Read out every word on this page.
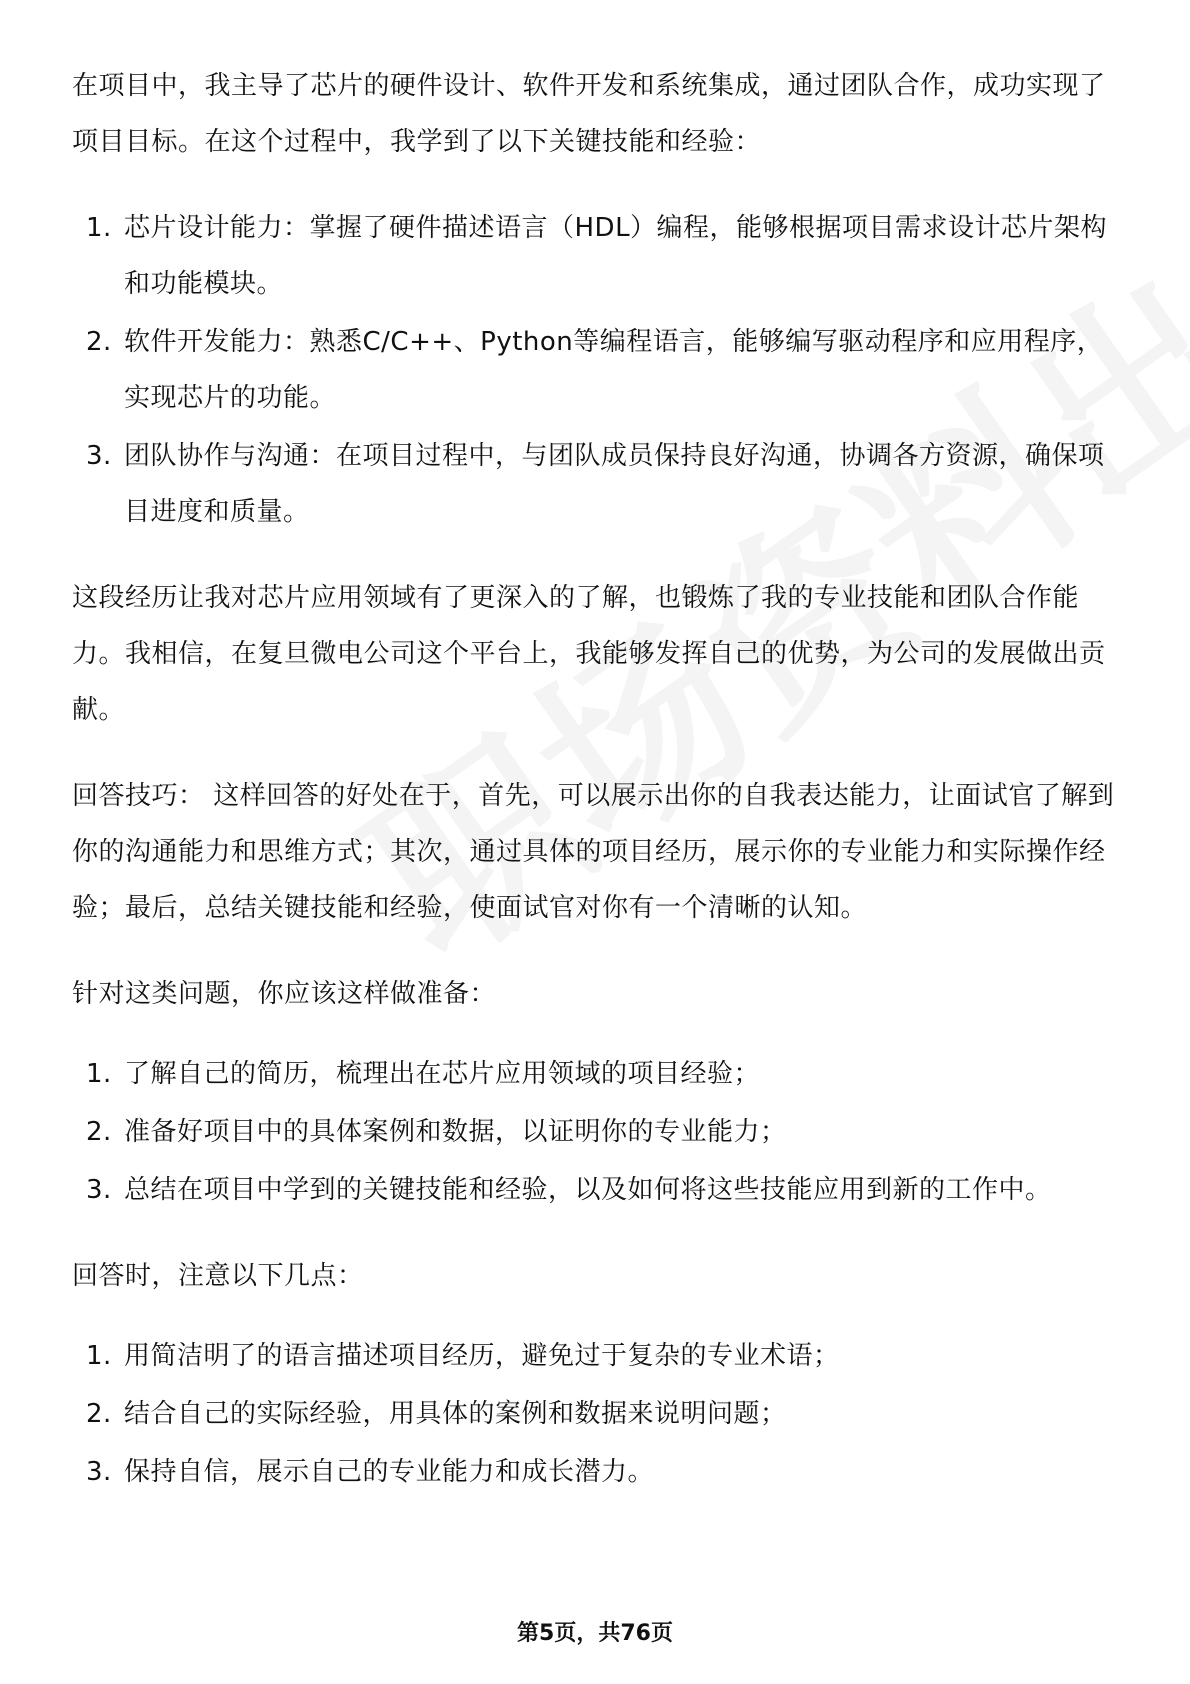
在项目中，我主导了芯片的硬件设计、软件开发和系统集成，通过团队合作，成功实现了项目目标。在这个过程中，我学到了以下关键技能和经验：

1. 芯片设计能力：掌握了硬件描述语言（HDL）编程，能够根据项目需求设计芯片架构和功能模块。
2. 软件开发能力：熟悉C/C++、Python等编程语言，能够编写驱动程序和应用程序，实现芯片的功能。
3. 团队协作与沟通：在项目过程中，与团队成员保持良好沟通，协调各方资源，确保项目进度和质量。

这段经历让我对芯片应用领域有了更深入的了解，也锻炼了我的专业技能和团队合作能力。我相信，在复旦微电公司这个平台上，我能够发挥自己的优势，为公司的发展做出贡献。

回答技巧： 这样回答的好处在于，首先，可以展示出你的自我表达能力，让面试官了解到你的沟通能力和思维方式；其次，通过具体的项目经历，展示你的专业能力和实际操作经验；最后，总结关键技能和经验，使面试官对你有一个清晰的认知。

针对这类问题，你应该这样做准备：

1. 了解自己的简历，梳理出在芯片应用领域的项目经验；
2. 准备好项目中的具体案例和数据，以证明你的专业能力；
3. 总结在项目中学到的关键技能和经验，以及如何将这些技能应用到新的工作中。

回答时，注意以下几点：

1. 用简洁明了的语言描述项目经历，避免过于复杂的专业术语；
2. 结合自己的实际经验，用具体的案例和数据来说明问题；
3. 保持自信，展示自己的专业能力和成长潜力。
第5页，共76页
